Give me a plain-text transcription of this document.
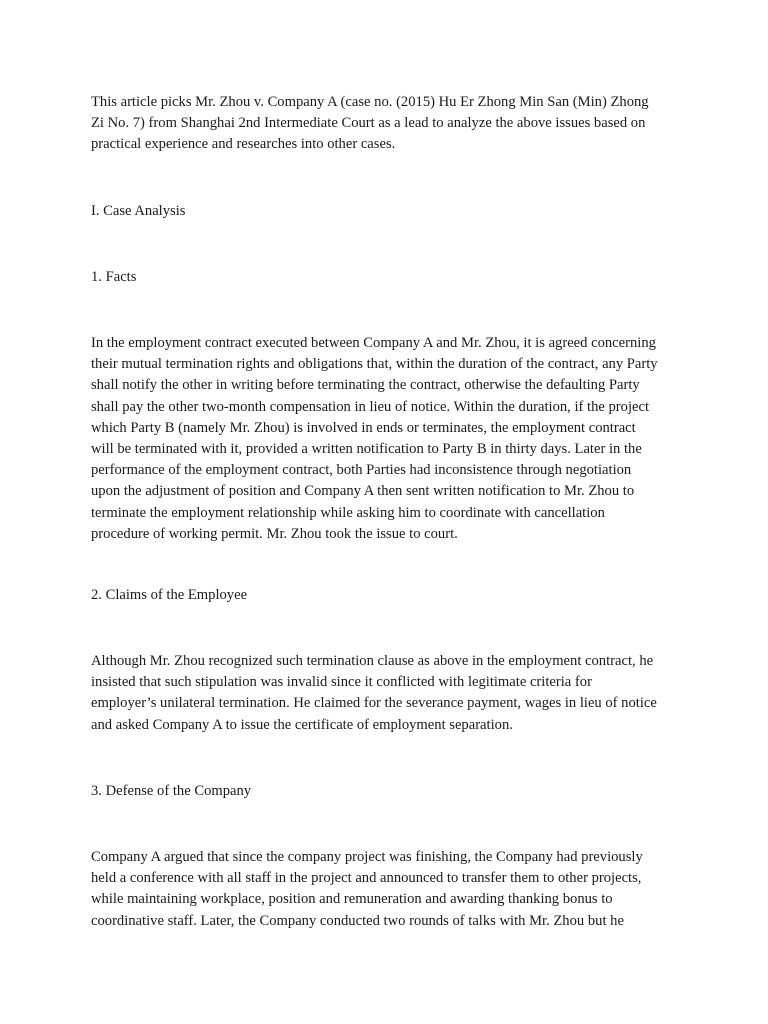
This article picks Mr. Zhou v. Company A (case no. (2015) Hu Er Zhong Min San (Min) Zhong
Zi No. 7) from Shanghai 2nd Intermediate Court as a lead to analyze the above issues based on
practical experience and researches into other cases.
I. Case Analysis
1. Facts
In the employment contract executed between Company A and Mr. Zhou, it is agreed concerning
their mutual termination rights and obligations that, within the duration of the contract, any Party
shall notify the other in writing before terminating the contract, otherwise the defaulting Party
shall pay the other two-month compensation in lieu of notice. Within the duration, if the project
which Party B (namely Mr. Zhou) is involved in ends or terminates, the employment contract
will be terminated with it, provided a written notification to Party B in thirty days. Later in the
performance of the employment contract, both Parties had inconsistence through negotiation
upon the adjustment of position and Company A then sent written notification to Mr. Zhou to
terminate the employment relationship while asking him to coordinate with cancellation
procedure of working permit. Mr. Zhou took the issue to court.
2. Claims of the Employee
Although Mr. Zhou recognized such termination clause as above in the employment contract, he
insisted that such stipulation was invalid since it conflicted with legitimate criteria for
employer’s unilateral termination. He claimed for the severance payment, wages in lieu of notice
and asked Company A to issue the certificate of employment separation.
3. Defense of the Company
Company A argued that since the company project was finishing, the Company had previously
held a conference with all staff in the project and announced to transfer them to other projects,
while maintaining workplace, position and remuneration and awarding thanking bonus to
coordinative staff. Later, the Company conducted two rounds of talks with Mr. Zhou but he
